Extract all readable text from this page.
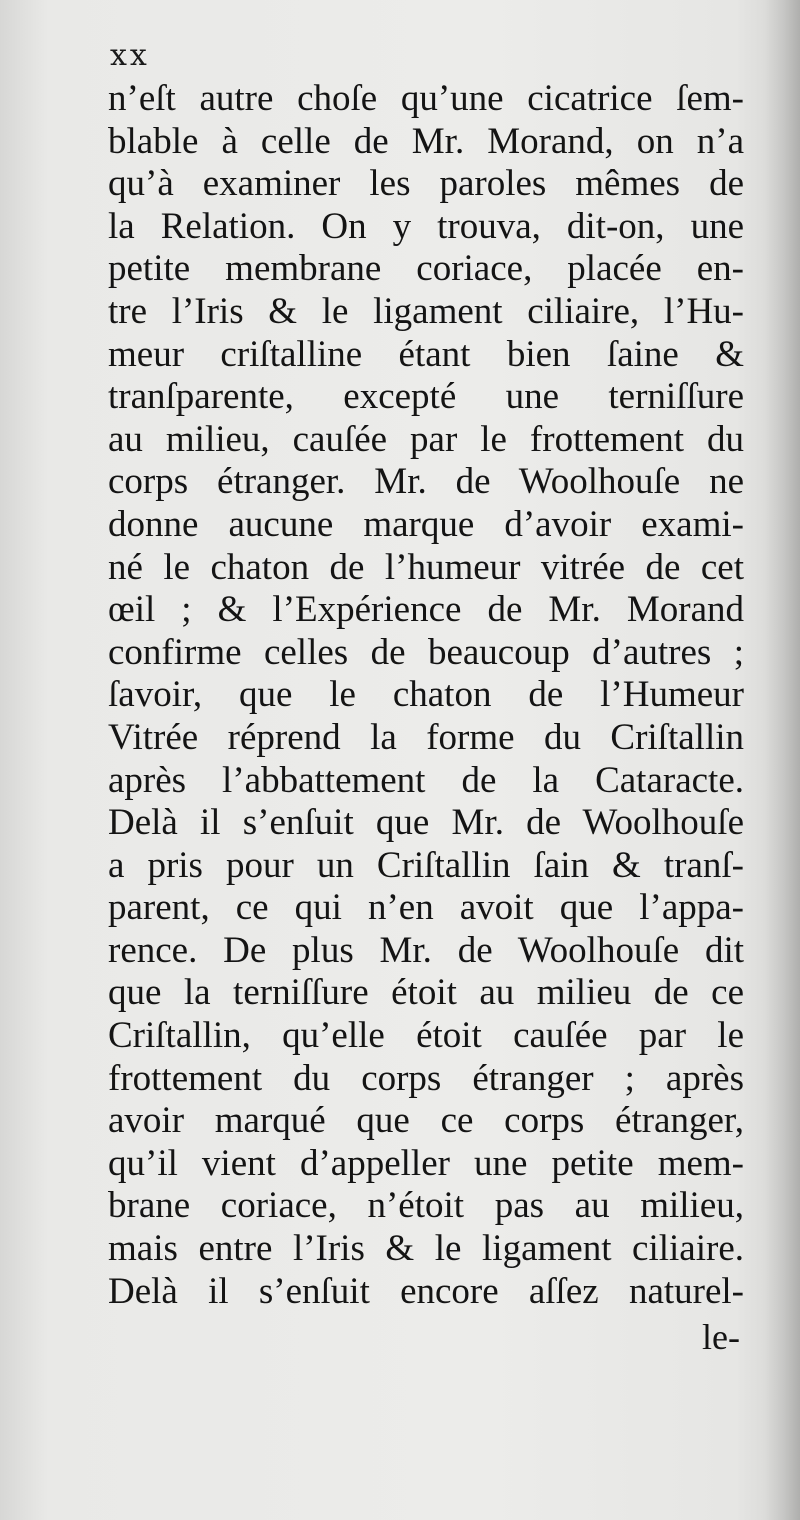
xx
n’eſt autre choſe qu’une cicatrice ſem-
blable à celle de Mr. Morand, on n’a
qu’à examiner les paroles mêmes de
la Relation. On y trouva, dit-on, une
petite membrane coriace, placée en-
tre l’Iris & le ligament ciliaire, l’Hu-
meur criſtalline étant bien ſaine &
tranſparente, excepté une terniſſure
au milieu, cauſée par le frottement du
corps étranger. Mr. de Woolhouſe ne
donne aucune marque d’avoir exami-
né le chaton de l’humeur vitrée de cet
œil ; & l’Expérience de Mr. Morand
confirme celles de beaucoup d’autres ;
ſavoir, que le chaton de l’Humeur
Vitrée réprend la forme du Criſtallin
après l’abbattement de la Cataracte.
Delà il s’enſuit que Mr. de Woolhouſe
a pris pour un Criſtallin ſain & tranſ-
parent, ce qui n’en avoit que l’appa-
rence. De plus Mr. de Woolhouſe dit
que la terniſſure étoit au milieu de ce
Criſtallin, qu’elle étoit cauſée par le
frottement du corps étranger ; après
avoir marqué que ce corps étranger,
qu’il vient d’appeller une petite mem-
brane coriace, n’étoit pas au milieu,
mais entre l’Iris & le ligament ciliaire.
Delà il s’enſuit encore aſſez naturel-
le-
